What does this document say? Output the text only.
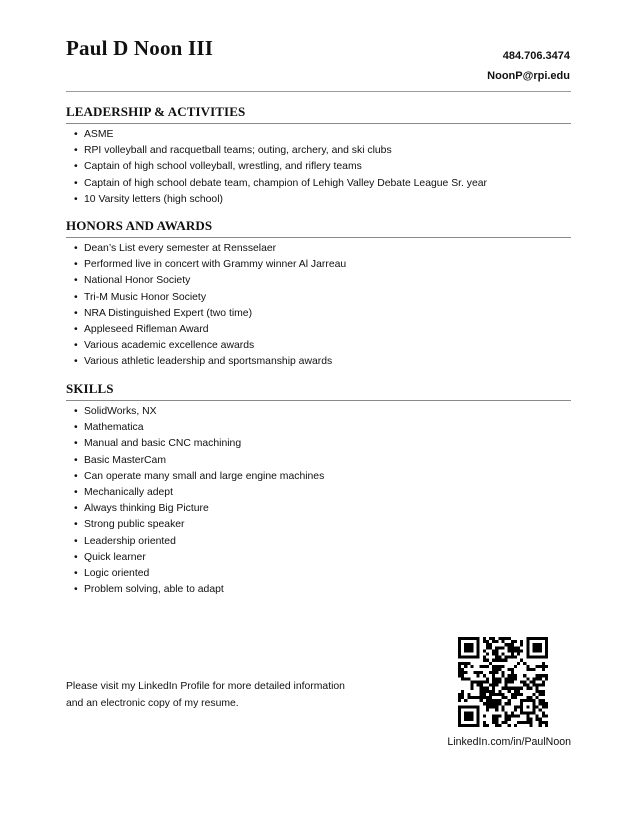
Paul D Noon III	484.706.3474
NoonP@rpi.edu
LEADERSHIP & ACTIVITIES
• ASME
• RPI volleyball and racquetball teams; outing, archery, and ski clubs
• Captain of high school volleyball, wrestling, and riflery teams
• Captain of high school debate team, champion of Lehigh Valley Debate League Sr. year
• 10 Varsity letters (high school)
HONORS AND AWARDS
• Dean’s List every semester at Rensselaer
• Performed live in concert with Grammy winner Al Jarreau
• National Honor Society
• Tri-M Music Honor Society
• NRA Distinguished Expert (two time)
• Appleseed Rifleman Award
• Various academic excellence awards
• Various athletic leadership and sportsmanship awards
SKILLS
• SolidWorks, NX
• Mathematica
• Manual and basic CNC machining
• Basic MasterCam
• Can operate many small and large engine machines
• Mechanically adept
• Always thinking Big Picture
• Strong public speaker
• Leadership oriented
• Quick learner
• Logic oriented
• Problem solving, able to adapt
Please visit my LinkedIn Profile for more detailed information
and an electronic copy of my resume.
LinkedIn.com/in/PaulNoon
